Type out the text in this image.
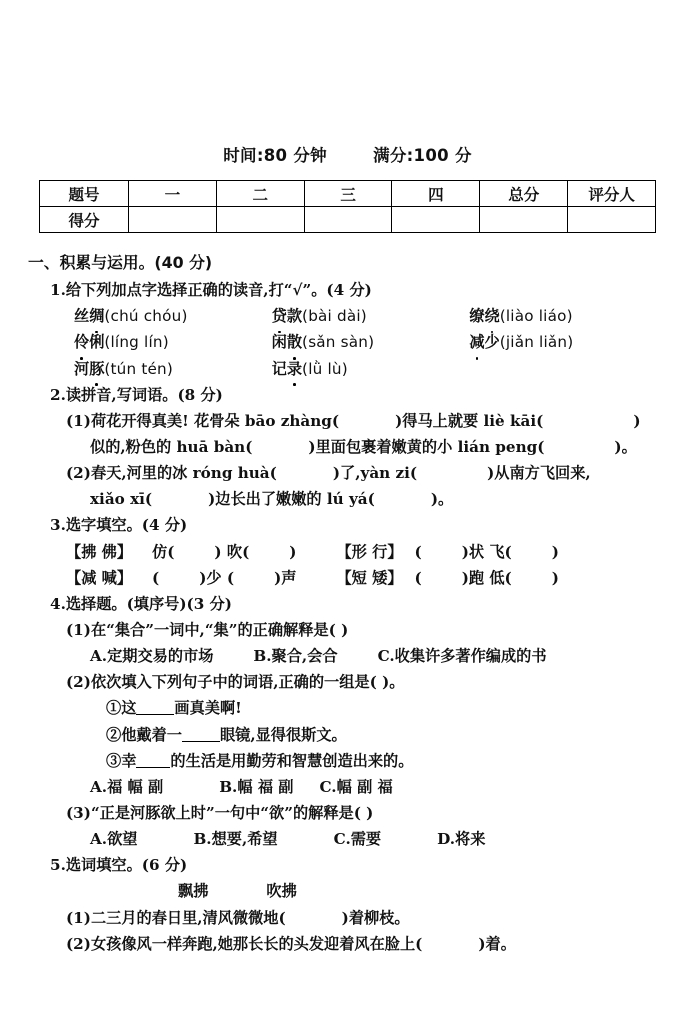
时间:80 分钟	满分:100 分
题号	一	二	三	四	总分	评分人
得分						
一、积累与运用。(40 分)
1.给下列加点字选择正确的读音,打“√”。(4 分)
丝绸(chú chóu)	贷款(bài dài)	缭绕(liào liáo)
伶俐(líng lín)	闲散(sǎn sàn)	减少(jiǎn liǎn)
河豚(tún tén)	记录(lǜ lù)
2.读拼音,写词语。(8 分)
(1)荷花开得真美! 花骨朵 bāo zhàng(	)得马上就要 liè kāi(	)
似的,粉色的 huā bàn(	)里面包裹着嫩黄的小 lián peng(	)。
(2)春天,河里的冰 róng huà(	)了,yàn zi(	)从南方飞回来,
xiǎo xī(	)边长出了嫩嫩的 lú yá(	)。
3.选字填空。(4 分)
【拂 佛】 仿(	) 吹(	)	【形 行】 (	)状 飞(	)
【减 喊】 (	)少 (	)声	【短 矮】 (	)跑 低(	)
4.选择题。(填序号)(3 分)
(1)在“集合”一词中,“集”的正确解释是( )
A.定期交易的市场	B.聚合,会合	C.收集许多著作编成的书
(2)依次填入下列句子中的词语,正确的一组是( )。
①这	画真美啊!
②他戴着一	眼镜,显得很斯文。
③幸 的生活是用勤劳和智慧创造出来的。
A.福 幅 副	B.幅 福 副 C.幅 副 福
(3)“正是河豚欲上时”一句中“欲”的解释是( )
A.欲望	B.想要,希望	C.需要	D.将来
5.选词填空。(6 分)
飘拂	吹拂
(1)二三月的春日里,清风微微地(	)着柳枝。
(2)女孩像风一样奔跑,她那长长的头发迎着风在脸上(	)着。
